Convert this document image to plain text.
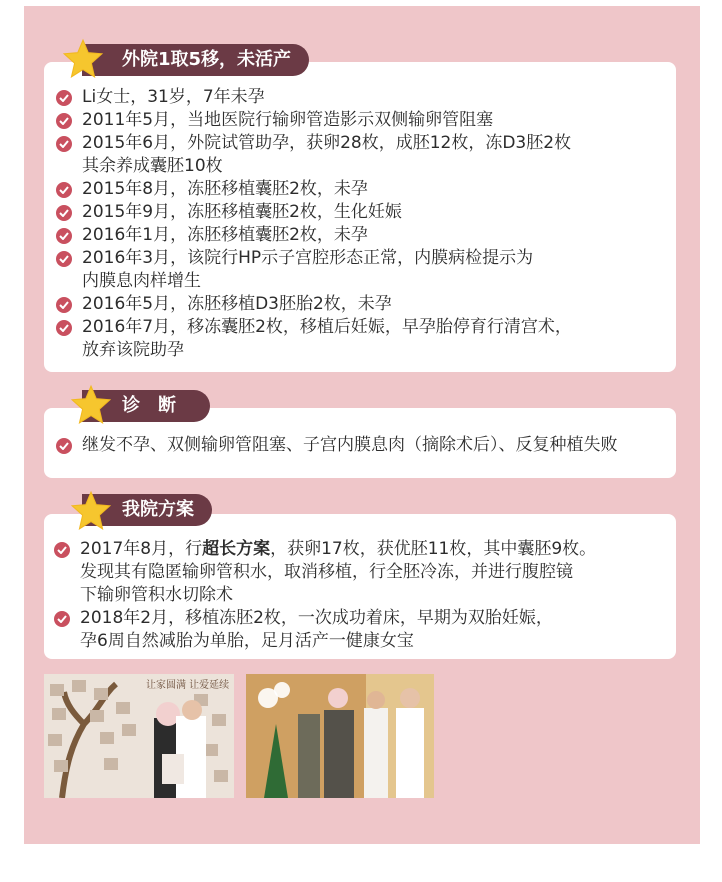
Li女士，31岁，7年未孕
2011年5月，当地医院行输卵管造影示双侧输卵管阻塞
2015年6月，外院试管助孕，获卵28枚，成胚12枚，冻D3胚2枚
其余养成囊胚10枚
2015年8月，冻胚移植囊胚2枚，未孕
2015年9月，冻胚移植囊胚2枚，生化妊娠
2016年1月，冻胚移植囊胚2枚，未孕
2016年3月，该院行HP示子宫腔形态正常，内膜病检提示为
内膜息肉样增生
2016年5月，冻胚移植D3胚胎2枚，未孕
2016年7月，移冻囊胚2枚，移植后妊娠，早孕胎停育行清宫术，
放弃该院助孕
外院1取5移，未活产
继发不孕、双侧输卵管阻塞、子宫内膜息肉（摘除术后）、反复种植失败
诊　断
2017年8月，行超长方案，获卵17枚，获优胚11枚，其中囊胚9枚。
发现其有隐匿输卵管积水，取消移植，行全胚冷冻，并进行腹腔镜
下输卵管积水切除术
2018年2月，移植冻胚2枚，一次成功着床，早期为双胎妊娠，
孕6周自然减胎为单胎，足月活产一健康女宝
我院方案
让家圆满 让爱延续
